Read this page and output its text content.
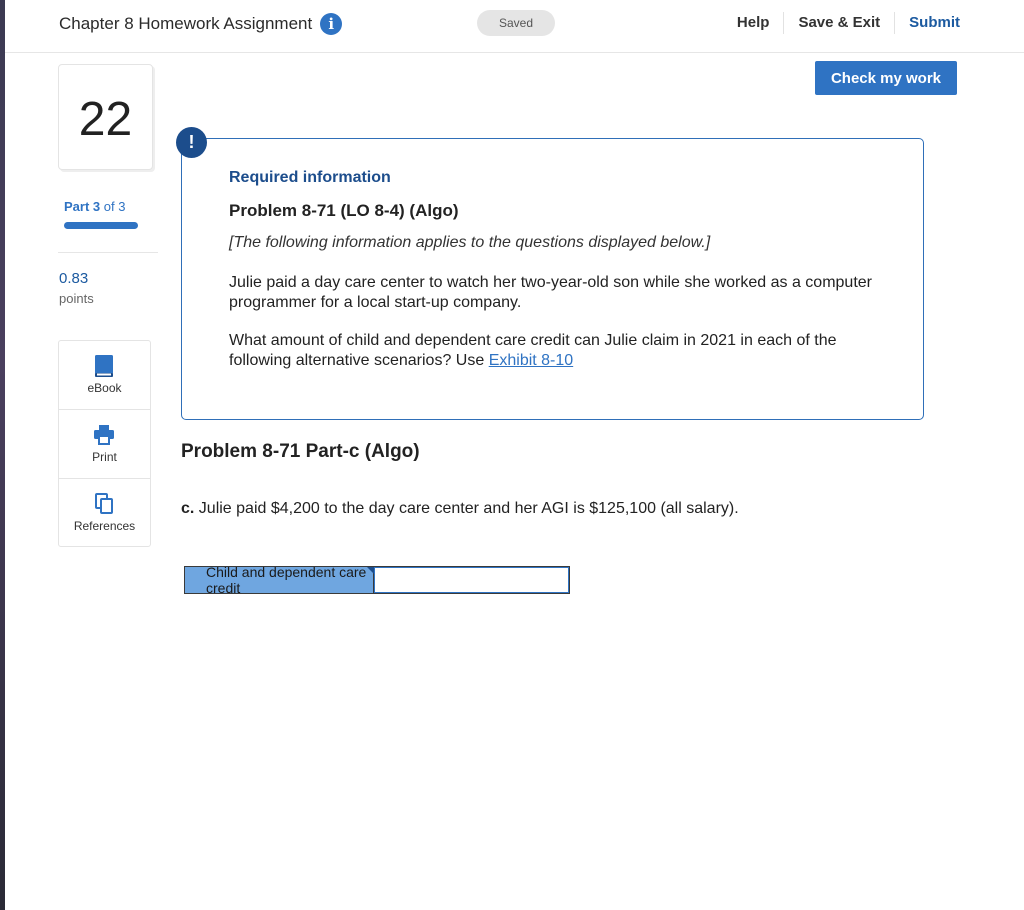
Chapter 8 Homework Assignment	i	Saved	Help	Save & Exit	Submit
Check my work
22
Part 3 of 3
0.83
points
eBook
Print
References
!
Required information
Problem 8-71 (LO 8-4) (Algo)
[The following information applies to the questions displayed below.]
Julie paid a day care center to watch her two-year-old son while she worked as a computer programmer for a local start-up company.
What amount of child and dependent care credit can Julie claim in 2021 in each of the following alternative scenarios? Use Exhibit 8-10
Problem 8-71 Part-c (Algo)
c. Julie paid $4,200 to the day care center and her AGI is $125,100 (all salary).
Child and dependent care credit
